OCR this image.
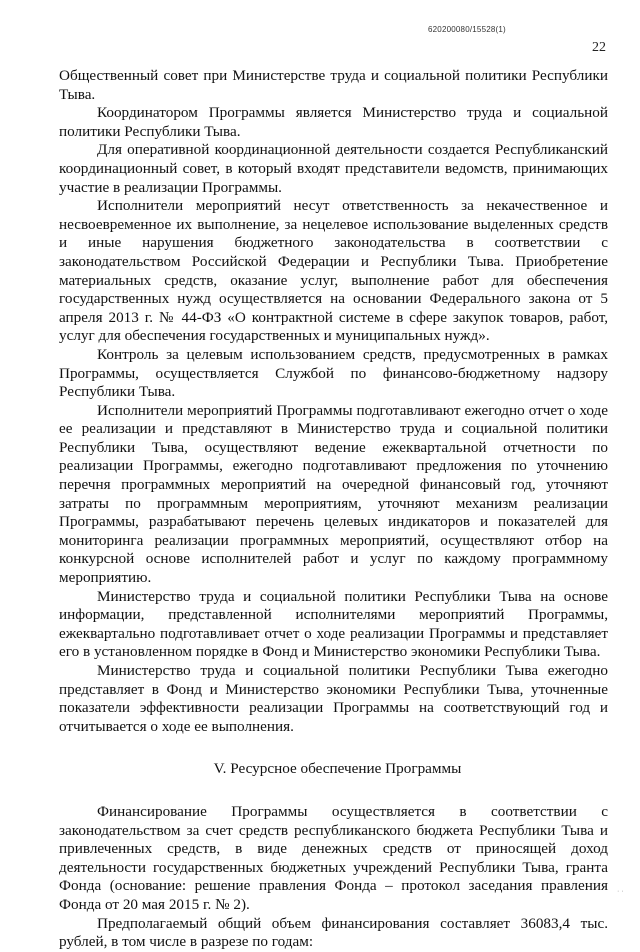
620200080/15528(1)
22

Общественный совет при Министерстве труда и социальной политики Республики Тыва.

Координатором Программы является Министерство труда и социальной политики Республики Тыва.

Для оперативной координационной деятельности создается Республиканский координационный совет, в который входят представители ведомств, принимающих участие в реализации Программы.

Исполнители мероприятий несут ответственность за некачественное и несвоевременное их выполнение, за нецелевое использование выделенных средств и иные нарушения бюджетного законодательства в соответствии с законодательством Российской Федерации и Республики Тыва. Приобретение материальных средств, оказание услуг, выполнение работ для обеспечения государственных нужд осуществляется на основании Федерального закона от 5 апреля 2013 г. № 44-ФЗ «О контрактной системе в сфере закупок товаров, работ, услуг для обеспечения государственных и муниципальных нужд».

Контроль за целевым использованием средств, предусмотренных в рамках Программы, осуществляется Службой по финансово-бюджетному надзору Республики Тыва.

Исполнители мероприятий Программы подготавливают ежегодно отчет о ходе ее реализации и представляют в Министерство труда и социальной политики Республики Тыва, осуществляют ведение ежеквартальной отчетности по реализации Программы, ежегодно подготавливают предложения по уточнению перечня программных мероприятий на очередной финансовый год, уточняют затраты по программным мероприятиям, уточняют механизм реализации Программы, разрабатывают перечень целевых индикаторов и показателей для мониторинга реализации программных мероприятий, осуществляют отбор на конкурсной основе исполнителей работ и услуг по каждому программному мероприятию.

Министерство труда и социальной политики Республики Тыва на основе информации, представленной исполнителями мероприятий Программы, ежеквартально подготавливает отчет о ходе реализации Программы и представляет его в установленном порядке в Фонд и Министерство экономики Республики Тыва.

Министерство труда и социальной политики Республики Тыва ежегодно представляет в Фонд и Министерство экономики Республики Тыва, уточненные показатели эффективности реализации Программы на соответствующий год и отчитывается о ходе ее выполнения.

V. Ресурсное обеспечение Программы

Финансирование Программы осуществляется в соответствии с законодательством за счет средств республиканского бюджета Республики Тыва и привлеченных средств, в виде денежных средств от приносящей доход деятельности государственных бюджетных учреждений Республики Тыва, гранта Фонда (основание: решение правления Фонда – протокол заседания правления Фонда от 20 мая 2015 г. № 2).

Предполагаемый общий объем финансирования составляет 36083,4 тыс. рублей, в том числе в разрезе по годам:

· ·
